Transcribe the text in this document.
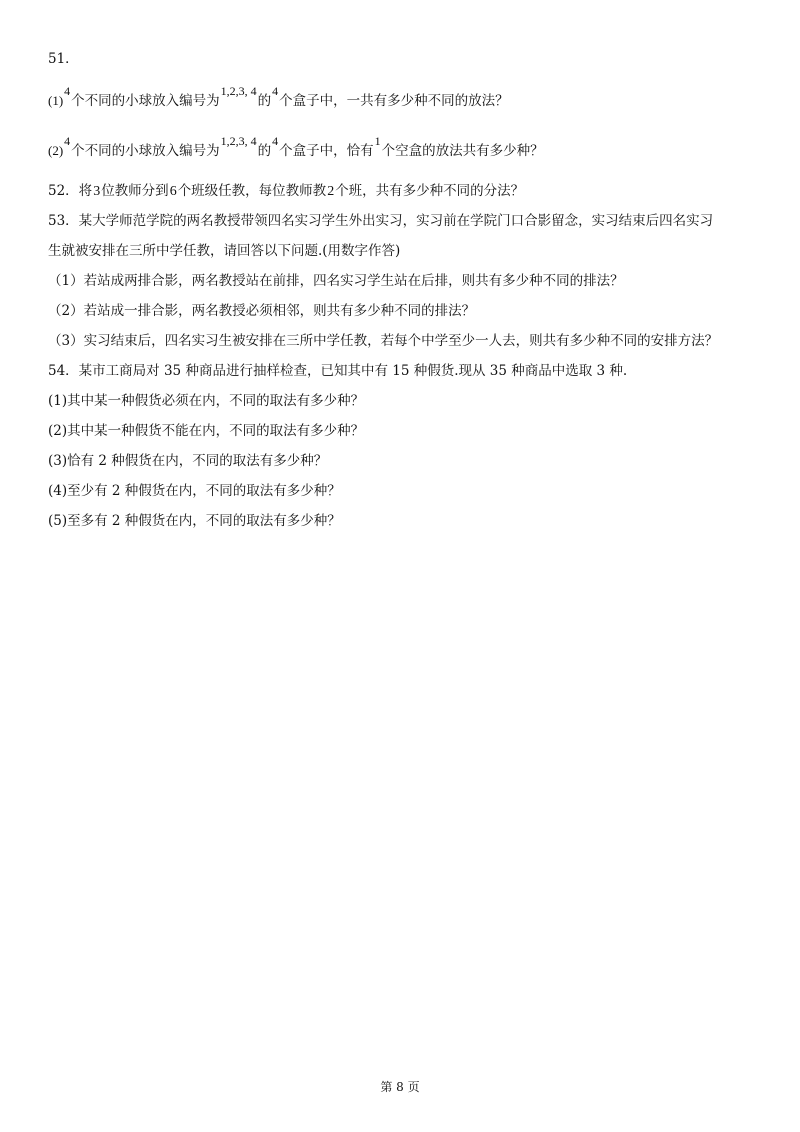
51．
(1)4个不同的小球放入编号为1,2,3, 4的4个盒子中，一共有多少种不同的放法？
(2)4个不同的小球放入编号为1,2,3, 4的4个盒子中，恰有1个空盒的放法共有多少种？
52．将3位教师分到6个班级任教，每位教师教2个班，共有多少种不同的分法？
53．某大学师范学院的两名教授带领四名实习学生外出实习，实习前在学院门口合影留念，实习结束后四名实习
生就被安排在三所中学任教，请回答以下问题.(用数字作答)
（1）若站成两排合影，两名教授站在前排，四名实习学生站在后排，则共有多少种不同的排法？
（2）若站成一排合影，两名教授必须相邻，则共有多少种不同的排法？
（3）实习结束后，四名实习生被安排在三所中学任教，若每个中学至少一人去，则共有多少种不同的安排方法？
54．某市工商局对 35 种商品进行抽样检查，已知其中有 15 种假货.现从 35 种商品中选取 3 种.
(1)其中某一种假货必须在内，不同的取法有多少种？
(2)其中某一种假货不能在内，不同的取法有多少种？
(3)恰有 2 种假货在内，不同的取法有多少种？
(4)至少有 2 种假货在内，不同的取法有多少种？
(5)至多有 2 种假货在内，不同的取法有多少种？
第 8 页
